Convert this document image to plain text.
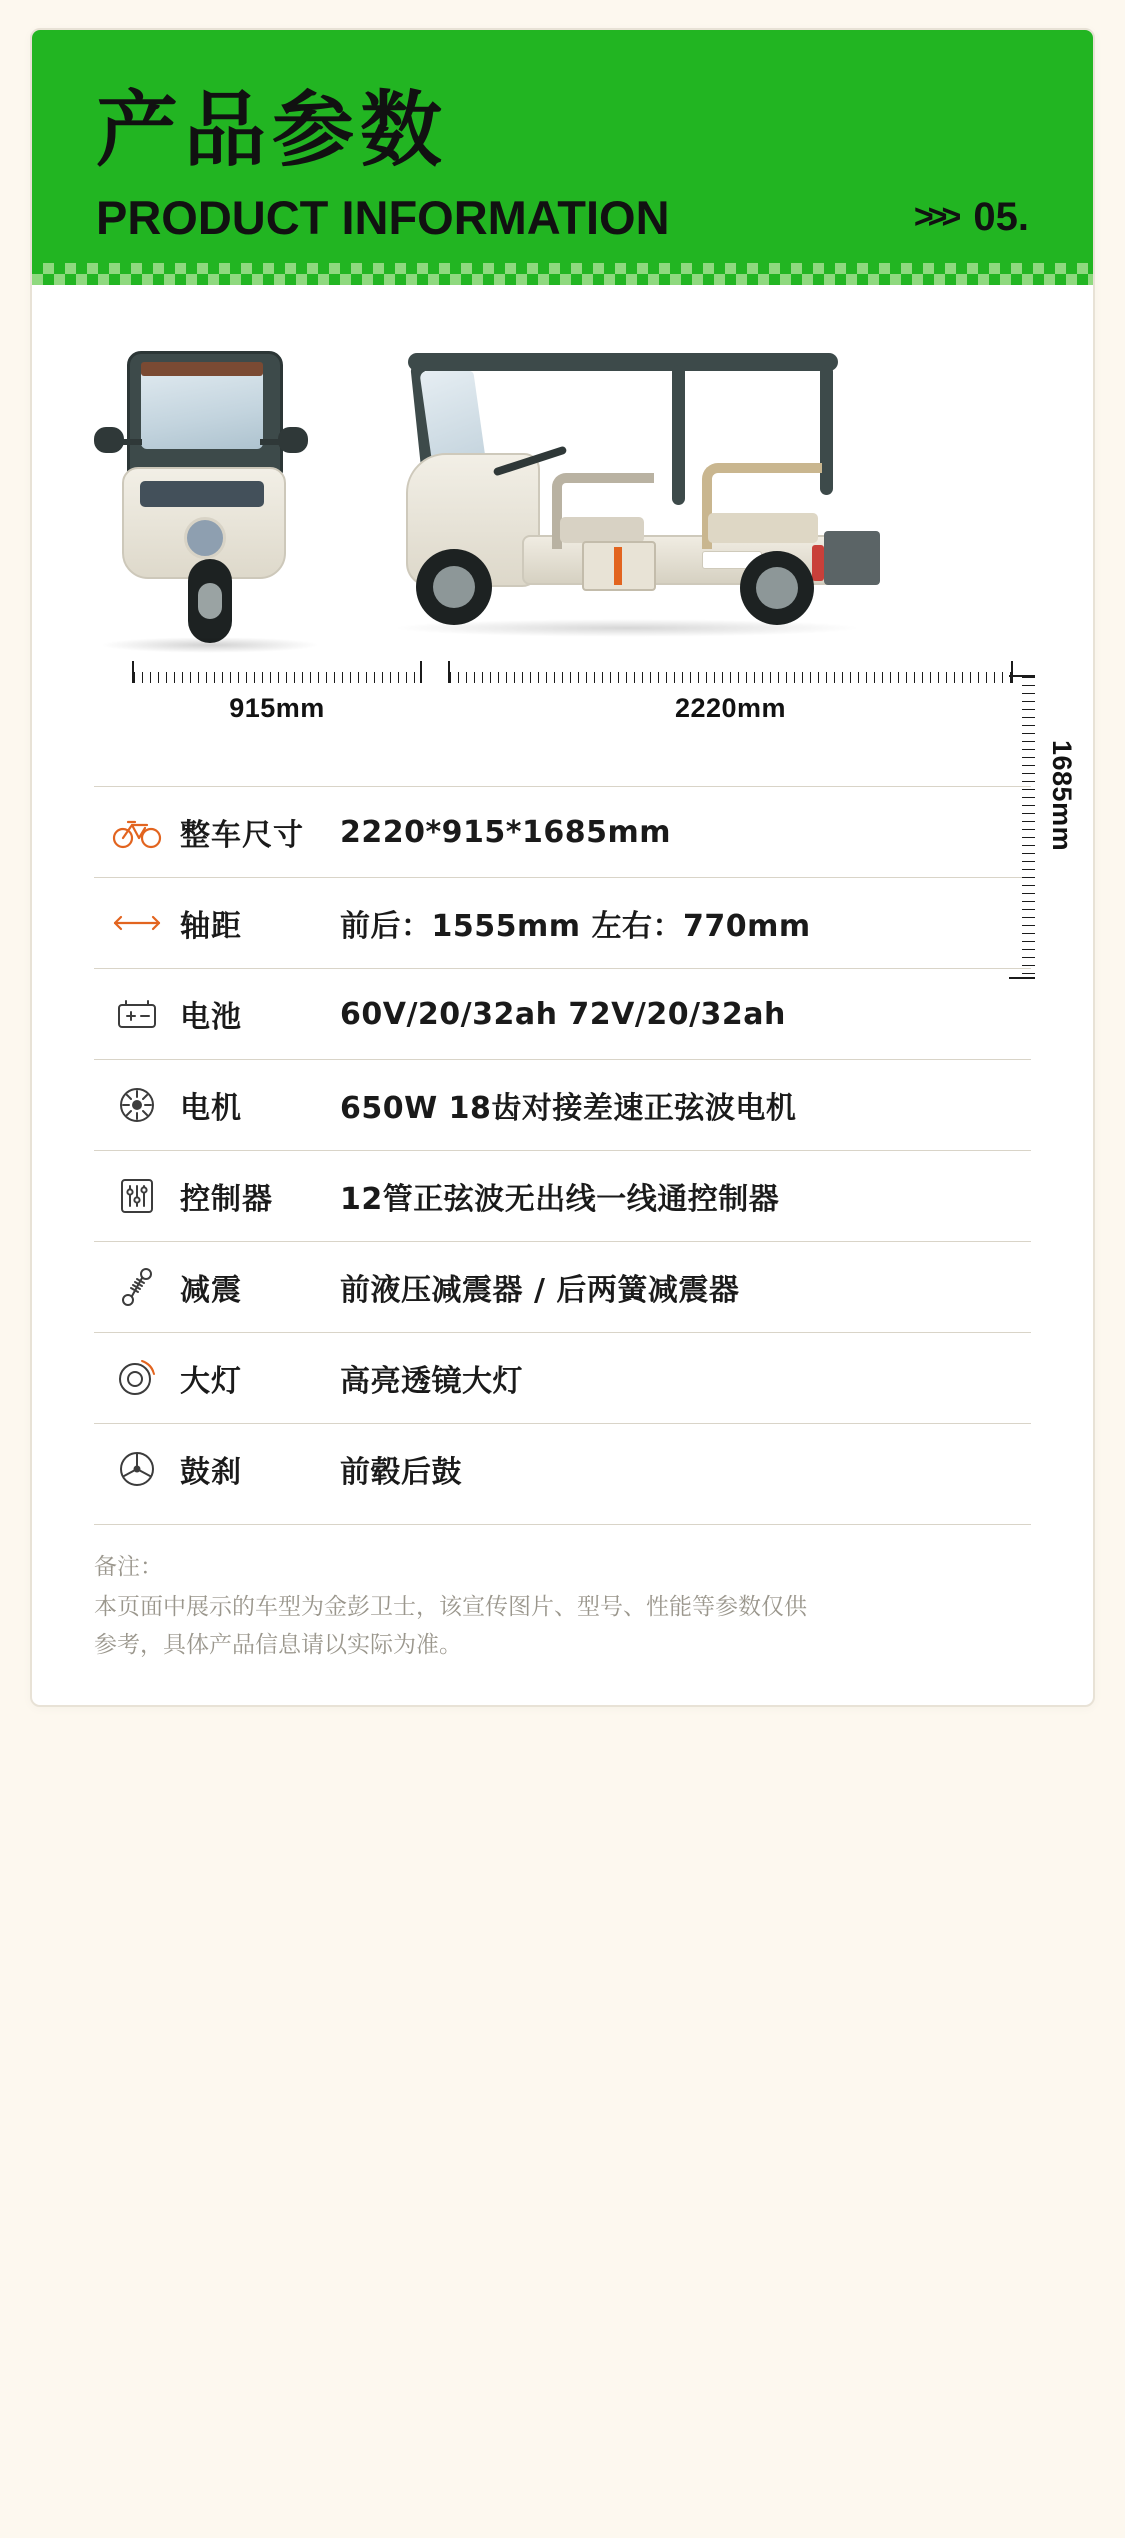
产品参数
PRODUCT INFORMATION	>>> 05.
1685mm
915mm	2220mm
整车尺寸	2220*915*1685mm
轴距	前后：1555mm 左右：770mm
电池	60V/20/32ah 72V/20/32ah
电机	650W 18齿对接差速正弦波电机
控制器	12管正弦波无出线一线通控制器
减震	前液压减震器 / 后两簧减震器
大灯	高亮透镜大灯
鼓刹	前毂后鼓
备注：
本页面中展示的车型为金彭卫士，该宣传图片、型号、性能等参数仅供
参考，具体产品信息请以实际为准。
